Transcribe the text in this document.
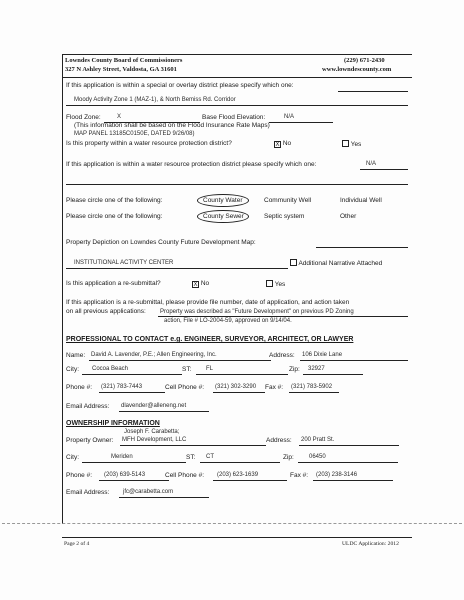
Lowndes County Board of Commissioners
327 N Ashley Street, Valdosta, GA 31601
(229) 671-2430
www.lowndescounty.com
If this application is within a special or overlay district please specify which one:
Moody Activity Zone 1 (MAZ-1), & North Bemiss Rd. Corridor
Flood Zone:	X	Base Flood Elevation:	N/A
(This information shall be based on the Flood Insurance Rate Maps)
MAP PANEL 13185C0150E, DATED 9/26/08)
Is this property within a water resource protection district?	X No	Yes
If this application is within a water resource protection district please specify which one:	N/A
Please circle one of the following:	County Water	Community Well	Individual Well
Please circle one of the following:	County Sewer	Septic system	Other
Property Depiction on Lowndes County Future Development Map:
INSTITUTIONAL ACTIVITY CENTER	Additional Narrative Attached
Is this application a re-submittal?	X No	Yes
If this application is a re-submittal, please provide file number, date of application, and action taken
on all previous applications: Property was described as "Future Development" on previous PD Zoning
action, File # LO-2004-59, approved on 9/14/04.
PROFESSIONAL TO CONTACT e.g. ENGINEER, SURVEYOR, ARCHITECT, OR LAWYER
Name: David A. Lavender, P.E.; Allen Engineering, Inc.	Address: 106 Dixie Lane
City: Cocoa Beach	ST: FL	Zip: 32927
Phone #: (321) 783-7443	Cell Phone #: (321) 302-3290 Fax #: (321) 783-5902
Email Address: dlavender@alleneng.net
OWNERSHIP INFORMATION
Joseph F. Carabetta;
Property Owner: MFH Development, LLC	Address: 200 Pratt St.
City:	Meriden	ST: CT	Zip:	06450
Phone #: (203) 639-5143	Cell Phone #: (203) 623-1639	Fax #: (203) 238-3146
Email Address: jfc@carabetta.com
Page 2 of 4	ULDC Application: 2012
